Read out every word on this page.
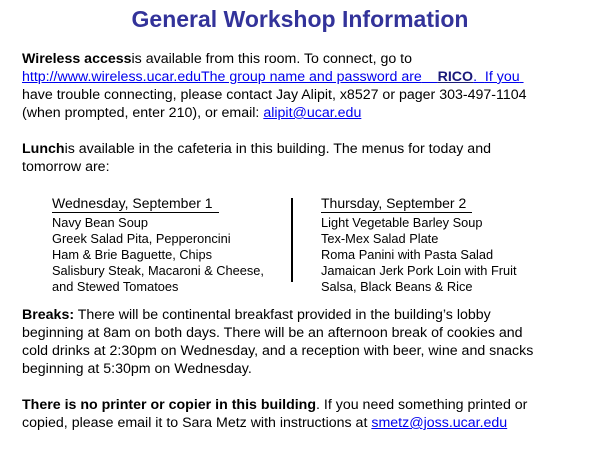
General Workshop Information
Wireless accessis available from this room. To connect, go to
http://www.wireless.ucar.eduThe group name and password are RICO.  If you
have trouble connecting, please contact Jay Alipit, x8527 or pager 303-497-1104
(when prompted, enter 210), or email: alipit@ucar.edu
Lunchis available in the cafeteria in this building. The menus for today and
tomorrow are:
Wednesday, September 1
Navy Bean Soup
Greek Salad Pita, Pepperoncini
Ham & Brie Baguette, Chips
Salisbury Steak, Macaroni & Cheese,
and Stewed Tomatoes
Thursday, September 2
Light Vegetable Barley Soup
Tex-Mex Salad Plate
Roma Panini with Pasta Salad
Jamaican Jerk Pork Loin with Fruit
Salsa, Black Beans & Rice
Breaks: There will be continental breakfast provided in the building’s lobby
beginning at 8am on both days. There will be an afternoon break of cookies and
cold drinks at 2:30pm on Wednesday, and a reception with beer, wine and snacks
beginning at 5:30pm on Wednesday.
There is no printer or copier in this building. If you need something printed or
copied, please email it to Sara Metz with instructions at smetz@joss.ucar.edu
